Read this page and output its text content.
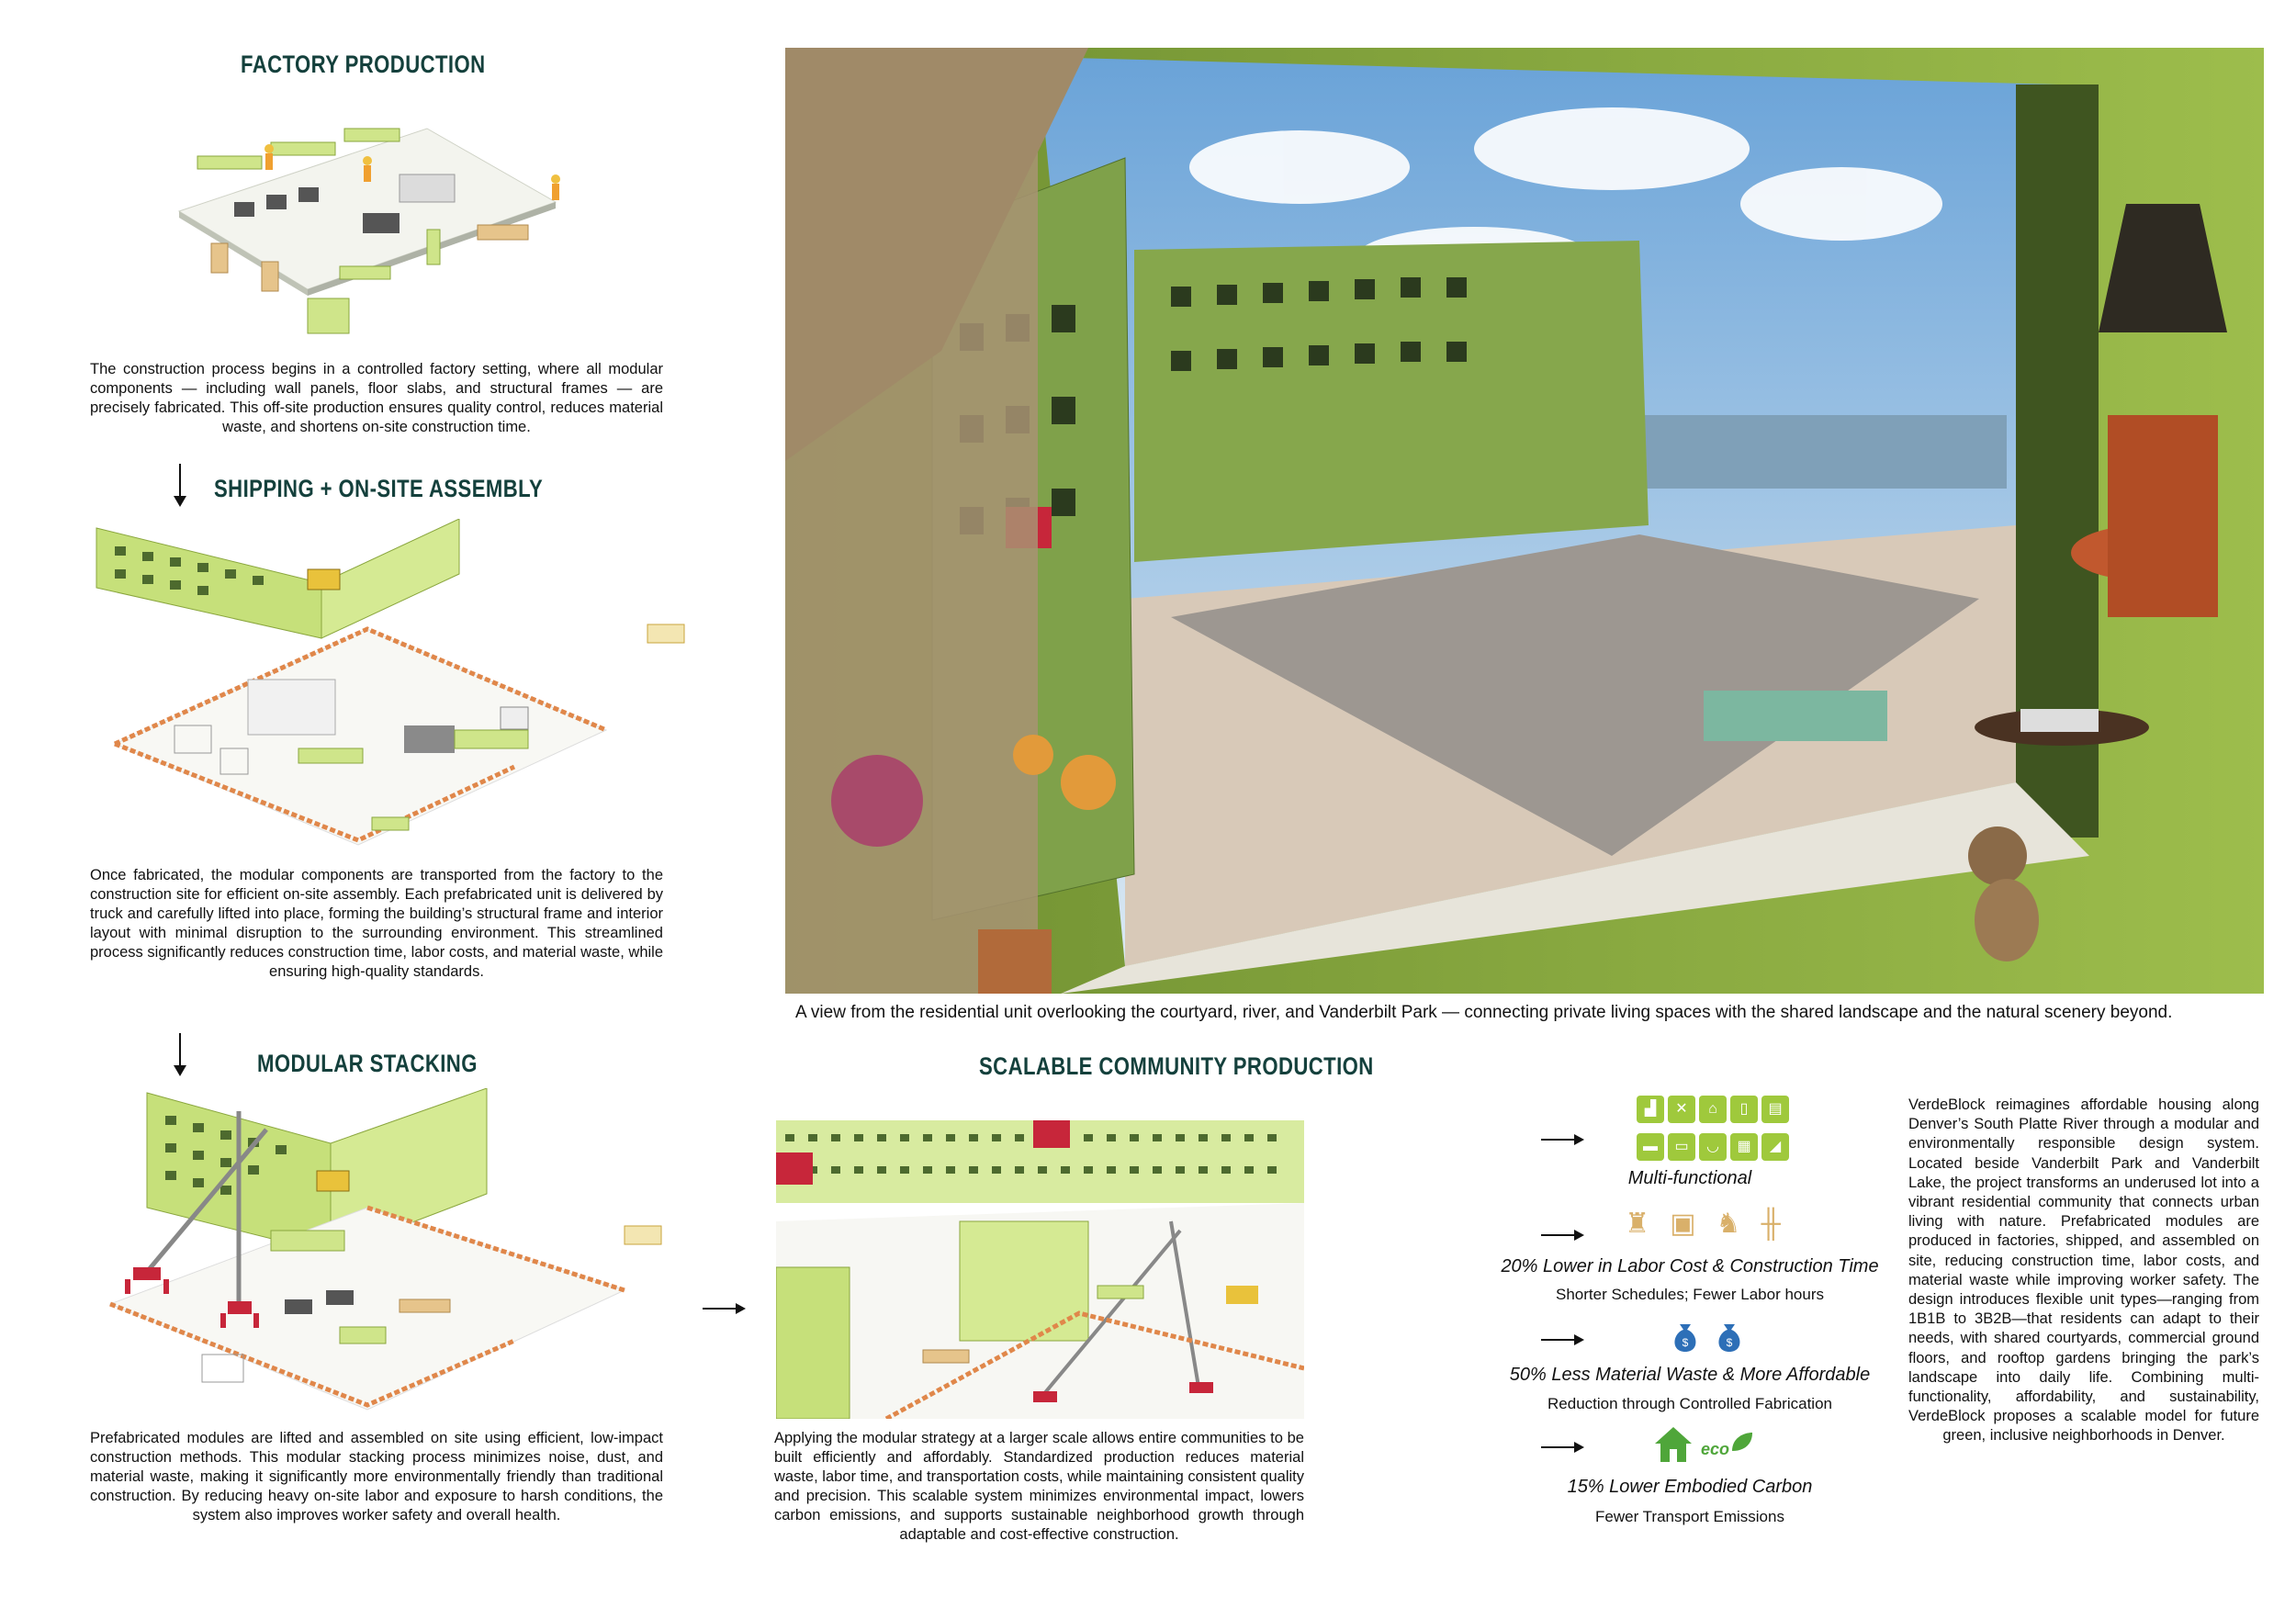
FACTORY PRODUCTION
The construction process begins in a controlled factory setting, where all modular components — including wall panels, floor slabs, and structural frames — are precisely fabricated. This off-site production ensures quality control, reduces material waste, and shortens on-site construction time.
SHIPPING + ON-SITE ASSEMBLY
Once fabricated, the modular components are transported from the factory to the construction site for efficient on-site assembly. Each prefabricated unit is delivered by truck and carefully lifted into place, forming the building’s structural frame and interior layout with minimal disruption to the surrounding environment. This streamlined process significantly reduces construction time, labor costs, and material waste, while ensuring high-quality standards.
MODULAR STACKING
Prefabricated modules are lifted and assembled on site using efficient, low-impact construction methods. This modular stacking process minimizes noise, dust, and material waste, making it significantly more environmentally friendly than traditional construction. By reducing heavy on-site labor and exposure to harsh conditions, the system also improves worker safety and overall health.
A view from the residential unit overlooking the courtyard, river, and Vanderbilt Park — connecting private living spaces with the shared landscape and the natural scenery beyond.
SCALABLE COMMUNITY PRODUCTION
Applying the modular strategy at a larger scale allows entire communities to be built efficiently and affordably. Standardized production reduces material waste, labor time, and transportation costs, while maintaining consistent quality and precision. This scalable system minimizes environmental impact, lowers carbon emissions, and supports sustainable neighborhood growth through adaptable and cost-effective construction.
▟	✕	⌂	▯	▤
▬	▭	◡	▦	◢
Multi-functional
♜▣♞╫
20% Lower in Labor Cost & Construction Time
Shorter Schedules; Fewer Labor hours
$	$
50% Less Material Waste & More Affordable
Reduction through Controlled Fabrication
eco
15% Lower Embodied Carbon
Fewer Transport Emissions
VerdeBlock reimagines affordable housing along Denver’s South Platte River through a modular and environmentally responsible design system. Located beside Vanderbilt Park and Vanderbilt Lake, the project transforms an underused lot into a vibrant residential community that connects urban living with nature. Prefabricated modules are produced in factories, shipped, and assembled on site, reducing construction time, labor costs, and material waste while improving worker safety. The design introduces flexible unit types—ranging from 1B1B to 3B2B—that residents can adapt to their needs, with shared courtyards, commercial ground floors, and rooftop gardens bringing the park’s landscape into daily life. Combining multi-functionality, affordability, and sustainability, VerdeBlock proposes a scalable model for future green, inclusive neighborhoods in Denver.
